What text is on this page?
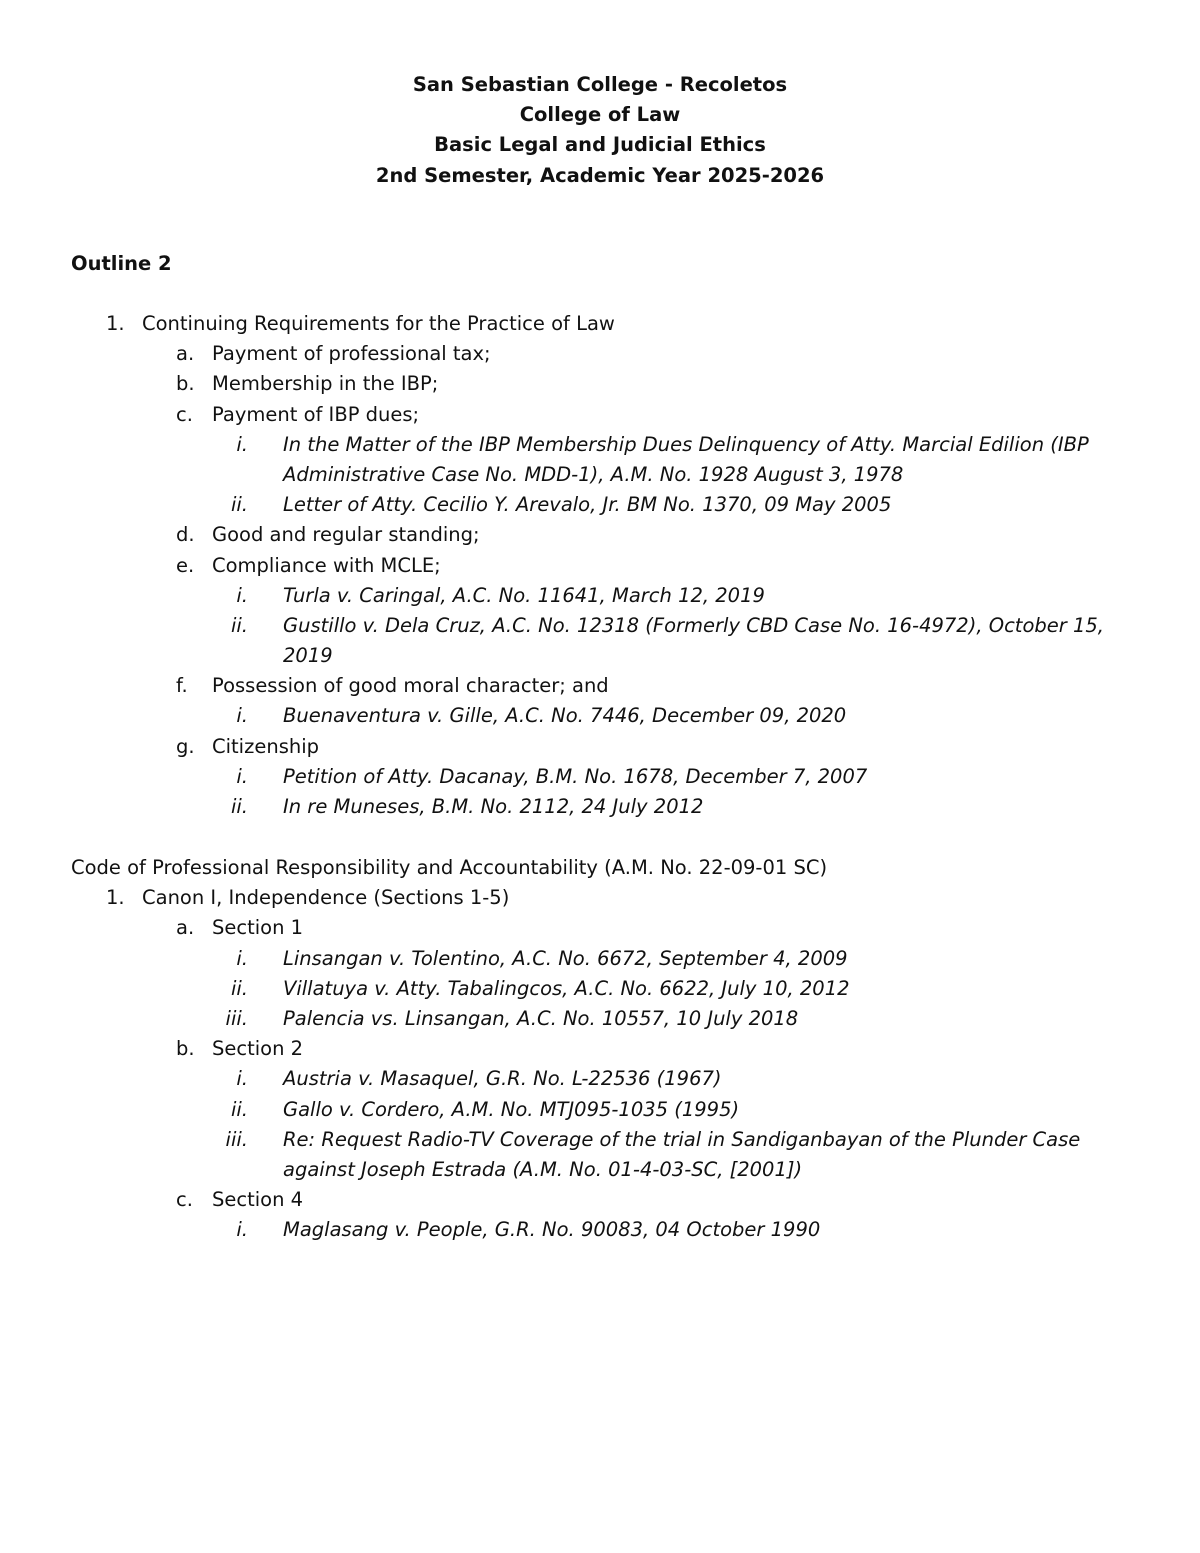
San Sebastian College - Recoletos
College of Law
Basic Legal and Judicial Ethics
2nd Semester, Academic Year 2025-2026
Outline 2
1. Continuing Requirements for the Practice of Law
a. Payment of professional tax;
b. Membership in the IBP;
c. Payment of IBP dues;
i. In the Matter of the IBP Membership Dues Delinquency of Atty. Marcial Edilion (IBP Administrative Case No. MDD-1), A.M. No. 1928 August 3, 1978
ii. Letter of Atty. Cecilio Y. Arevalo, Jr. BM No. 1370, 09 May 2005
d. Good and regular standing;
e. Compliance with MCLE;
i. Turla v. Caringal, A.C. No. 11641, March 12, 2019
ii. Gustillo v. Dela Cruz, A.C. No. 12318 (Formerly CBD Case No. 16-4972), October 15, 2019
f. Possession of good moral character; and
i. Buenaventura v. Gille, A.C. No. 7446, December 09, 2020
g. Citizenship
i. Petition of Atty. Dacanay, B.M. No. 1678, December 7, 2007
ii. In re Muneses, B.M. No. 2112, 24 July 2012
Code of Professional Responsibility and Accountability (A.M. No. 22-09-01 SC)
1. Canon I, Independence (Sections 1-5)
a. Section 1
i. Linsangan v. Tolentino, A.C. No. 6672, September 4, 2009
ii. Villatuya v. Atty. Tabalingcos, A.C. No. 6622, July 10, 2012
iii. Palencia vs. Linsangan, A.C. No. 10557, 10 July 2018
b. Section 2
i. Austria v. Masaquel, G.R. No. L-22536 (1967)
ii. Gallo v. Cordero, A.M. No. MTJ095-1035 (1995)
iii. Re: Request Radio-TV Coverage of the trial in Sandiganbayan of the Plunder Case against Joseph Estrada (A.M. No. 01-4-03-SC, [2001])
c. Section 4
i. Maglasang v. People, G.R. No. 90083, 04 October 1990
